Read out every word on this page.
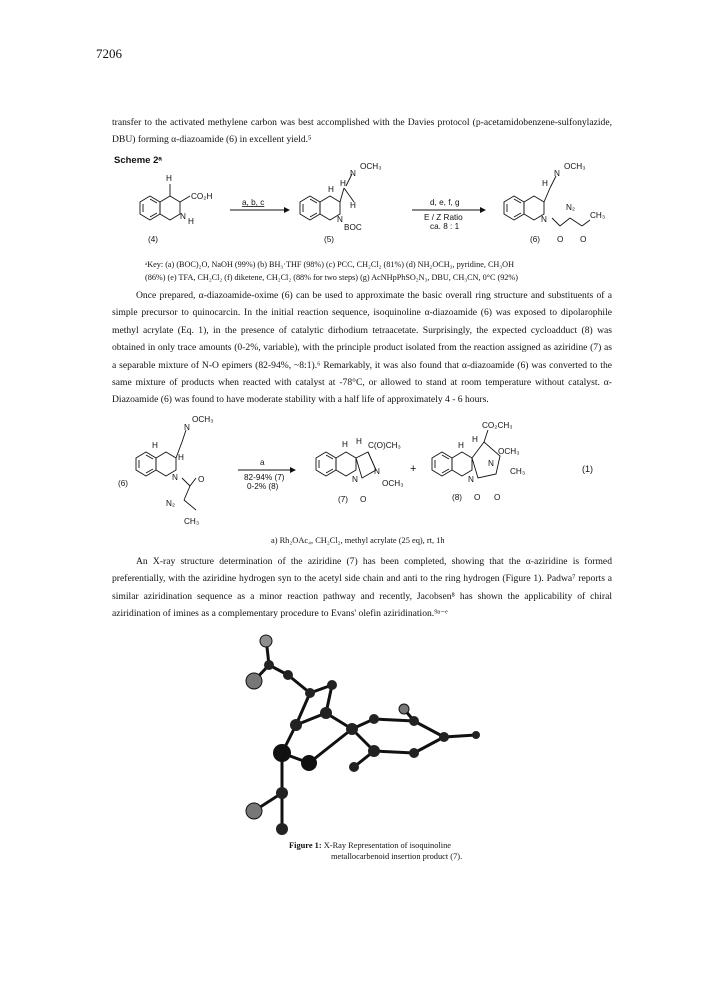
7206

transfer to the activated methylene carbon was best accomplished with the Davies protocol (p-acetamidobenzene-sulfonylazide, DBU) forming α-diazoamide (6) in excellent yield.⁵

Scheme 2ᵃ
H
CO₂H
N
H
(4)
a, b, c
H
H
N
OCH₃
H
N
BOC
(5)
d, e, f, g
E / Z Ratio
ca. 8 : 1
H
N
OCH₃
N
N₂
CH₃
O O
(6)

ᵃKey: (a) (BOC)₂O, NaOH (99%) (b) BH₃·THF (98%) (c) PCC, CH₂Cl₂ (81%) (d) NH₂OCH₃, pyridine, CH₃OH

(86%) (e) TFA, CH₂Cl₂ (f) diketene, CH₂Cl₂ (88% for two steps) (g) AcNHpPhSO₂N₃, DBU, CH₃CN, 0°C (92%)

Once prepared, α-diazoamide-oxime (6) can be used to approximate the basic overall ring structure and substituents of a simple precursor to quinocarcin. In the initial reaction sequence, isoquinoline α-diazoamide (6) was exposed to dipolarophile methyl acrylate (Eq. 1), in the presence of catalytic dirhodium tetraacetate. Surprisingly, the expected cycloadduct (8) was obtained in only trace amounts (0-2%, variable), with the principle product isolated from the reaction assigned as aziridine (7) as a separable mixture of N-O epimers (82-94%, ~8:1).⁶ Remarkably, it was also found that α-diazoamide (6) was converted to the same mixture of products when reacted with catalyst at -78°C, or allowed to stand at room temperature without catalyst. α-Diazoamide (6) was found to have moderate stability with a half life of approximately 4 - 6 hours.

H
H
N
OCH₃
N O
N₂
CH₃
(6)
a
82-94% (7)
0-2% (8)
H H C(O)CH₃
N
OCH₃
N
O
(7)
+
H
H
CO₂CH₃
OCH₃
N
N
CH₃
O O
(8)
(1)
a) Rh₂OAc₄, CH₂Cl₂, methyl acrylate (25 eq), rt, 1h

An X-ray structure determination of the aziridine (7) has been completed, showing that the α-aziridine is formed preferentially, with the aziridine hydrogen syn to the acetyl side chain and anti to the ring hydrogen (Figure 1). Padwa⁷ reports a similar aziridination sequence as a minor reaction pathway and recently, Jacobsen⁸ has shown the applicability of chiral aziridination of imines as a complementary procedure to Evans' olefin aziridination.⁹ᵃ⁻ᵉ

Figure 1: X-Ray Representation of isoquinoline
metallocarbenoid insertion product (7).
